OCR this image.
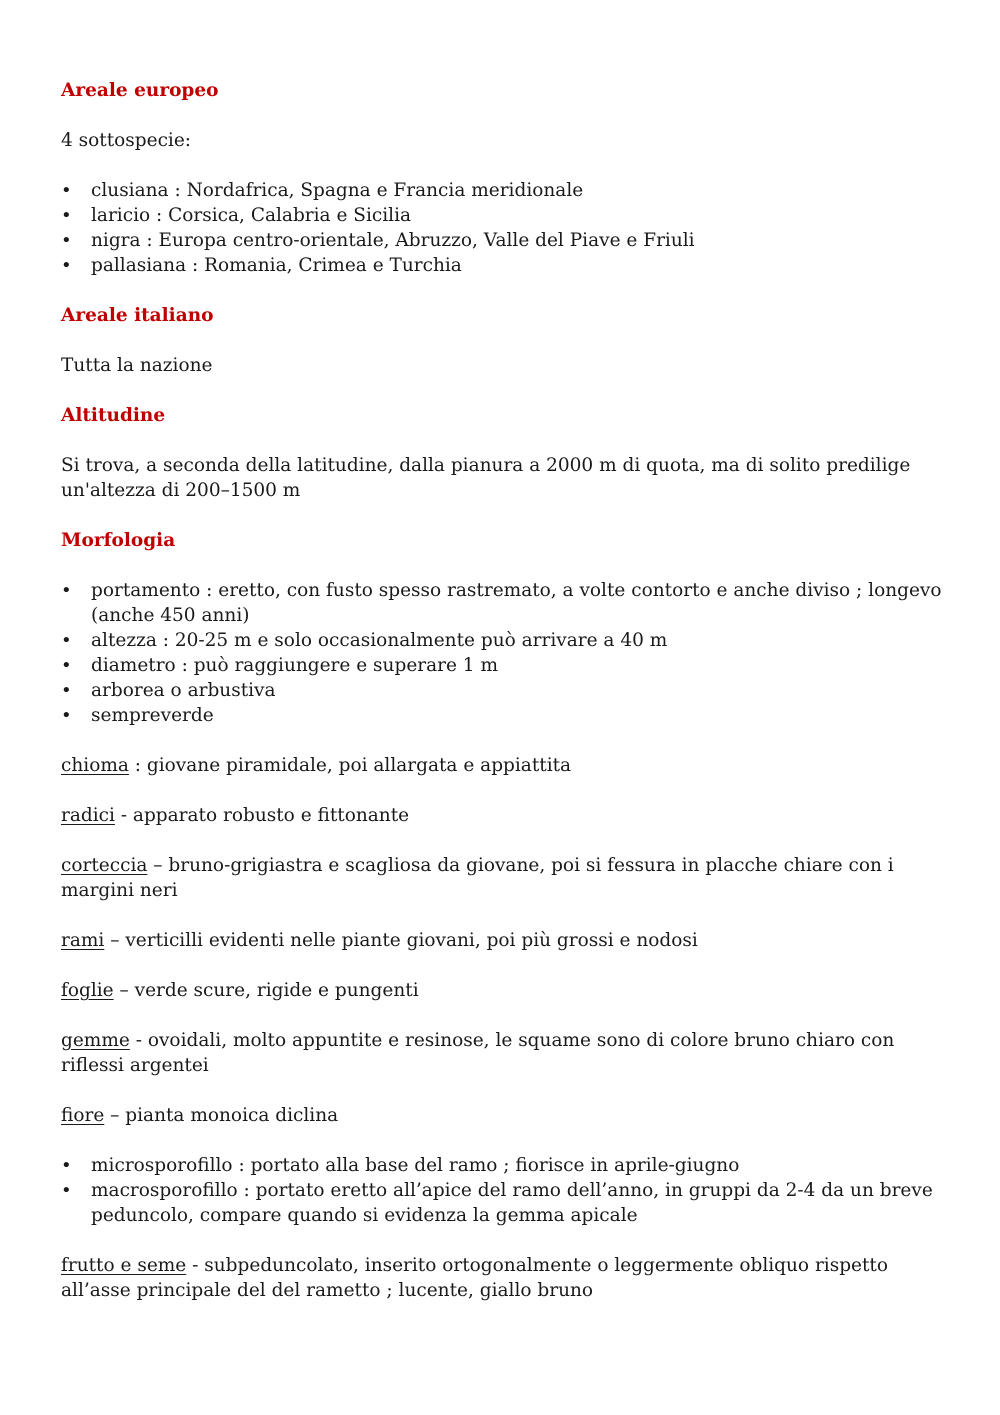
Areale europeo

4 sottospecie:

• clusiana : Nordafrica, Spagna e Francia meridionale
• laricio : Corsica, Calabria e Sicilia
• nigra : Europa centro-orientale, Abruzzo, Valle del Piave e Friuli
• pallasiana : Romania, Crimea e Turchia
Areale italiano

Tutta la nazione

Altitudine

Si trova, a seconda della latitudine, dalla pianura a 2000 m di quota, ma di solito predilige un'altezza di 200–1500 m

Morfologia
• portamento : eretto, con fusto spesso rastremato, a volte contorto e anche diviso ; longevo (anche 450 anni)
• altezza : 20-25 m e solo occasionalmente può arrivare a 40 m
• diametro : può raggiungere e superare 1 m
• arborea o arbustiva
• sempreverde

chioma : giovane piramidale, poi allargata e appiattita

radici - apparato robusto e fittonante

corteccia – bruno-grigiastra e scagliosa da giovane, poi si fessura in placche chiare con i margini neri

rami – verticilli evidenti nelle piante giovani, poi più grossi e nodosi

foglie – verde scure, rigide e pungenti

gemme - ovoidali, molto appuntite e resinose, le squame sono di colore bruno chiaro con riflessi argentei

fiore – pianta monoica diclina

• microsporofillo : portato alla base del ramo ; fiorisce in aprile-giugno
• macrosporofillo : portato eretto all’apice del ramo dell’anno, in gruppi da 2-4 da un breve peduncolo, compare quando si evidenza la gemma apicale

frutto e seme - subpeduncolato, inserito ortogonalmente o leggermente obliquo rispetto all’asse principale del del rametto ; lucente, giallo bruno
